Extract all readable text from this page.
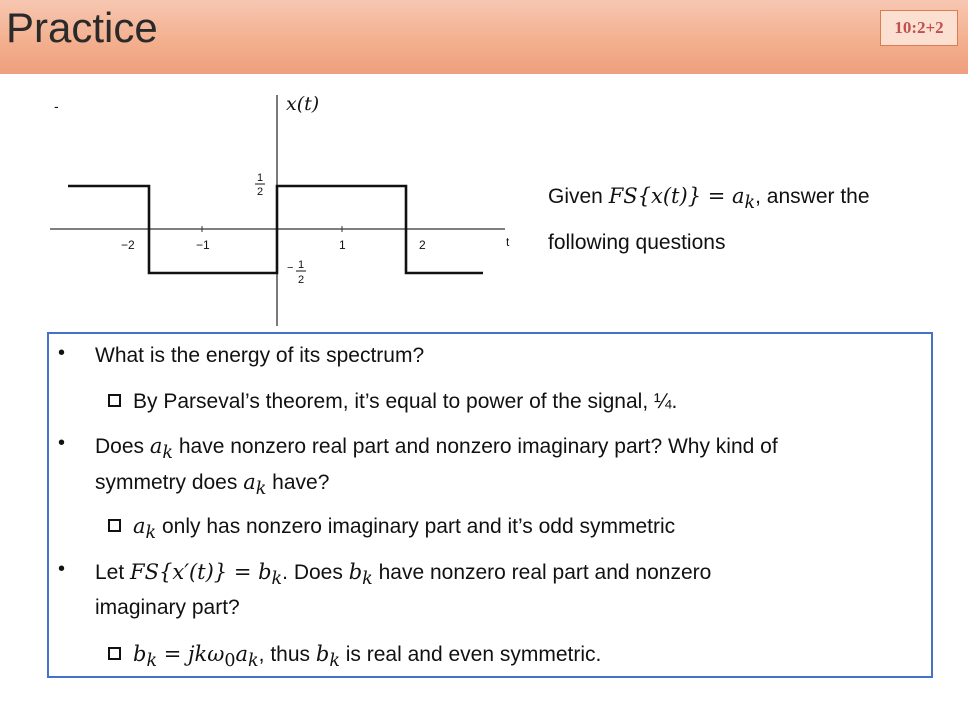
Practice	10:2+2
-	x(t)
t
−2	−1	1	2
1
2
− 1
2
Given $FS\{x(t)\} = a_k$, answer the following questions
• What is the energy of its spectrum?
By Parseval’s theorem, it’s equal to power of the signal, ¼.
• Does $a_k$ have nonzero real part and nonzero imaginary part? Why kind of
symmetry does $a_k$ have?
$a_k$ only has nonzero imaginary part and it’s odd symmetric
• Let $FS\{x'(t)\} = b_k$. Does $b_k$ have nonzero real part and nonzero
imaginary part?
$b_k = jk\omega_0a_k$, thus $b_k$ is real and even symmetric.
